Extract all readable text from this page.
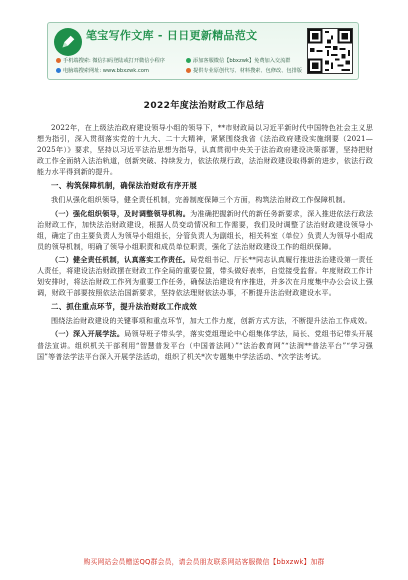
笔宝写作文库 - 日日更新精品范文
手机端搜索: 微信扫码登陆或打开微信小程序	添加客服微信【bbxzwk】免费加入交流群
电脑端搜索网址: www.bbxzwk.com	提供专业原创代写、材料搜索、包修改、包排版
2022年度法治财政工作总结

2022年，在上级法治政府建设领导小组的领导下，**市财政局以习近平新时代中国特色社会主义思想为指引，深入贯彻落实党的十九大、二十大精神，紧紧围绕我省《法治政府建设实施纲要（2021—2025年）》要求，坚持以习近平法治思想为指导，认真贯彻中央关于法治政府建设决策部署，坚持把财政工作全面纳入法治轨道，创新突破、持续发力，依法依规行政，法治财政建设取得新的进步，依法行政能力水平得到新的提升。

一、构筑保障机制，确保法治财政有序开展

我们从强化组织领导，健全责任机制，完善制度保障三个方面，构筑法治财政工作保障机制。

（一）强化组织领导，及时调整领导机构。为准确把握新时代的新任务新要求，深入推进依法行政法治财政工作，加快法治财政建设，根据人员变动情况和工作需要，我们及时调整了法治财政建设领导小组，确定了由主要负责人为领导小组组长，分管负责人为副组长，相关科室（单位）负责人为领导小组成员的领导机制，明确了领导小组职责和成员单位职责，强化了法治财政建设工作的组织保障。

（二）健全责任机制，认真落实工作责任。局党组书记、厅长**同志认真履行推进法治建设第一责任人责任，将建设法治财政摆在财政工作全局的重要位置，带头做好表率，自觉接受监督。年度财政工作计划安排时，将法治财政工作列为重要工作任务，确保法治建设有序推进，并多次在月度集中办公会议上强调，财政干部要按照依法治国新要求，坚持依法理财依法办事，不断提升法治财政建设水平。

二、抓住重点环节，提升法治财政工作成效

围绕法治财政建设的关键事项和重点环节，加大工作力度，创新方式方法，不断提升法治工作成效。

（一）深入开展学法。局领导班子带头学，落实党组理论中心组集体学法，局长、党组书记带头开展普法宣讲。组织机关干部利用“智慧普发平台（中国普法网）”“法治教育网”“法润**普法平台”“学习强国”等普法学法平台深入开展学法活动，组织了机关*次专题集中学法活动、*次学法考试。

购买网站会员赠送QQ群会员，请会员朋友联系网站客服微信【bbxzwk】加群
